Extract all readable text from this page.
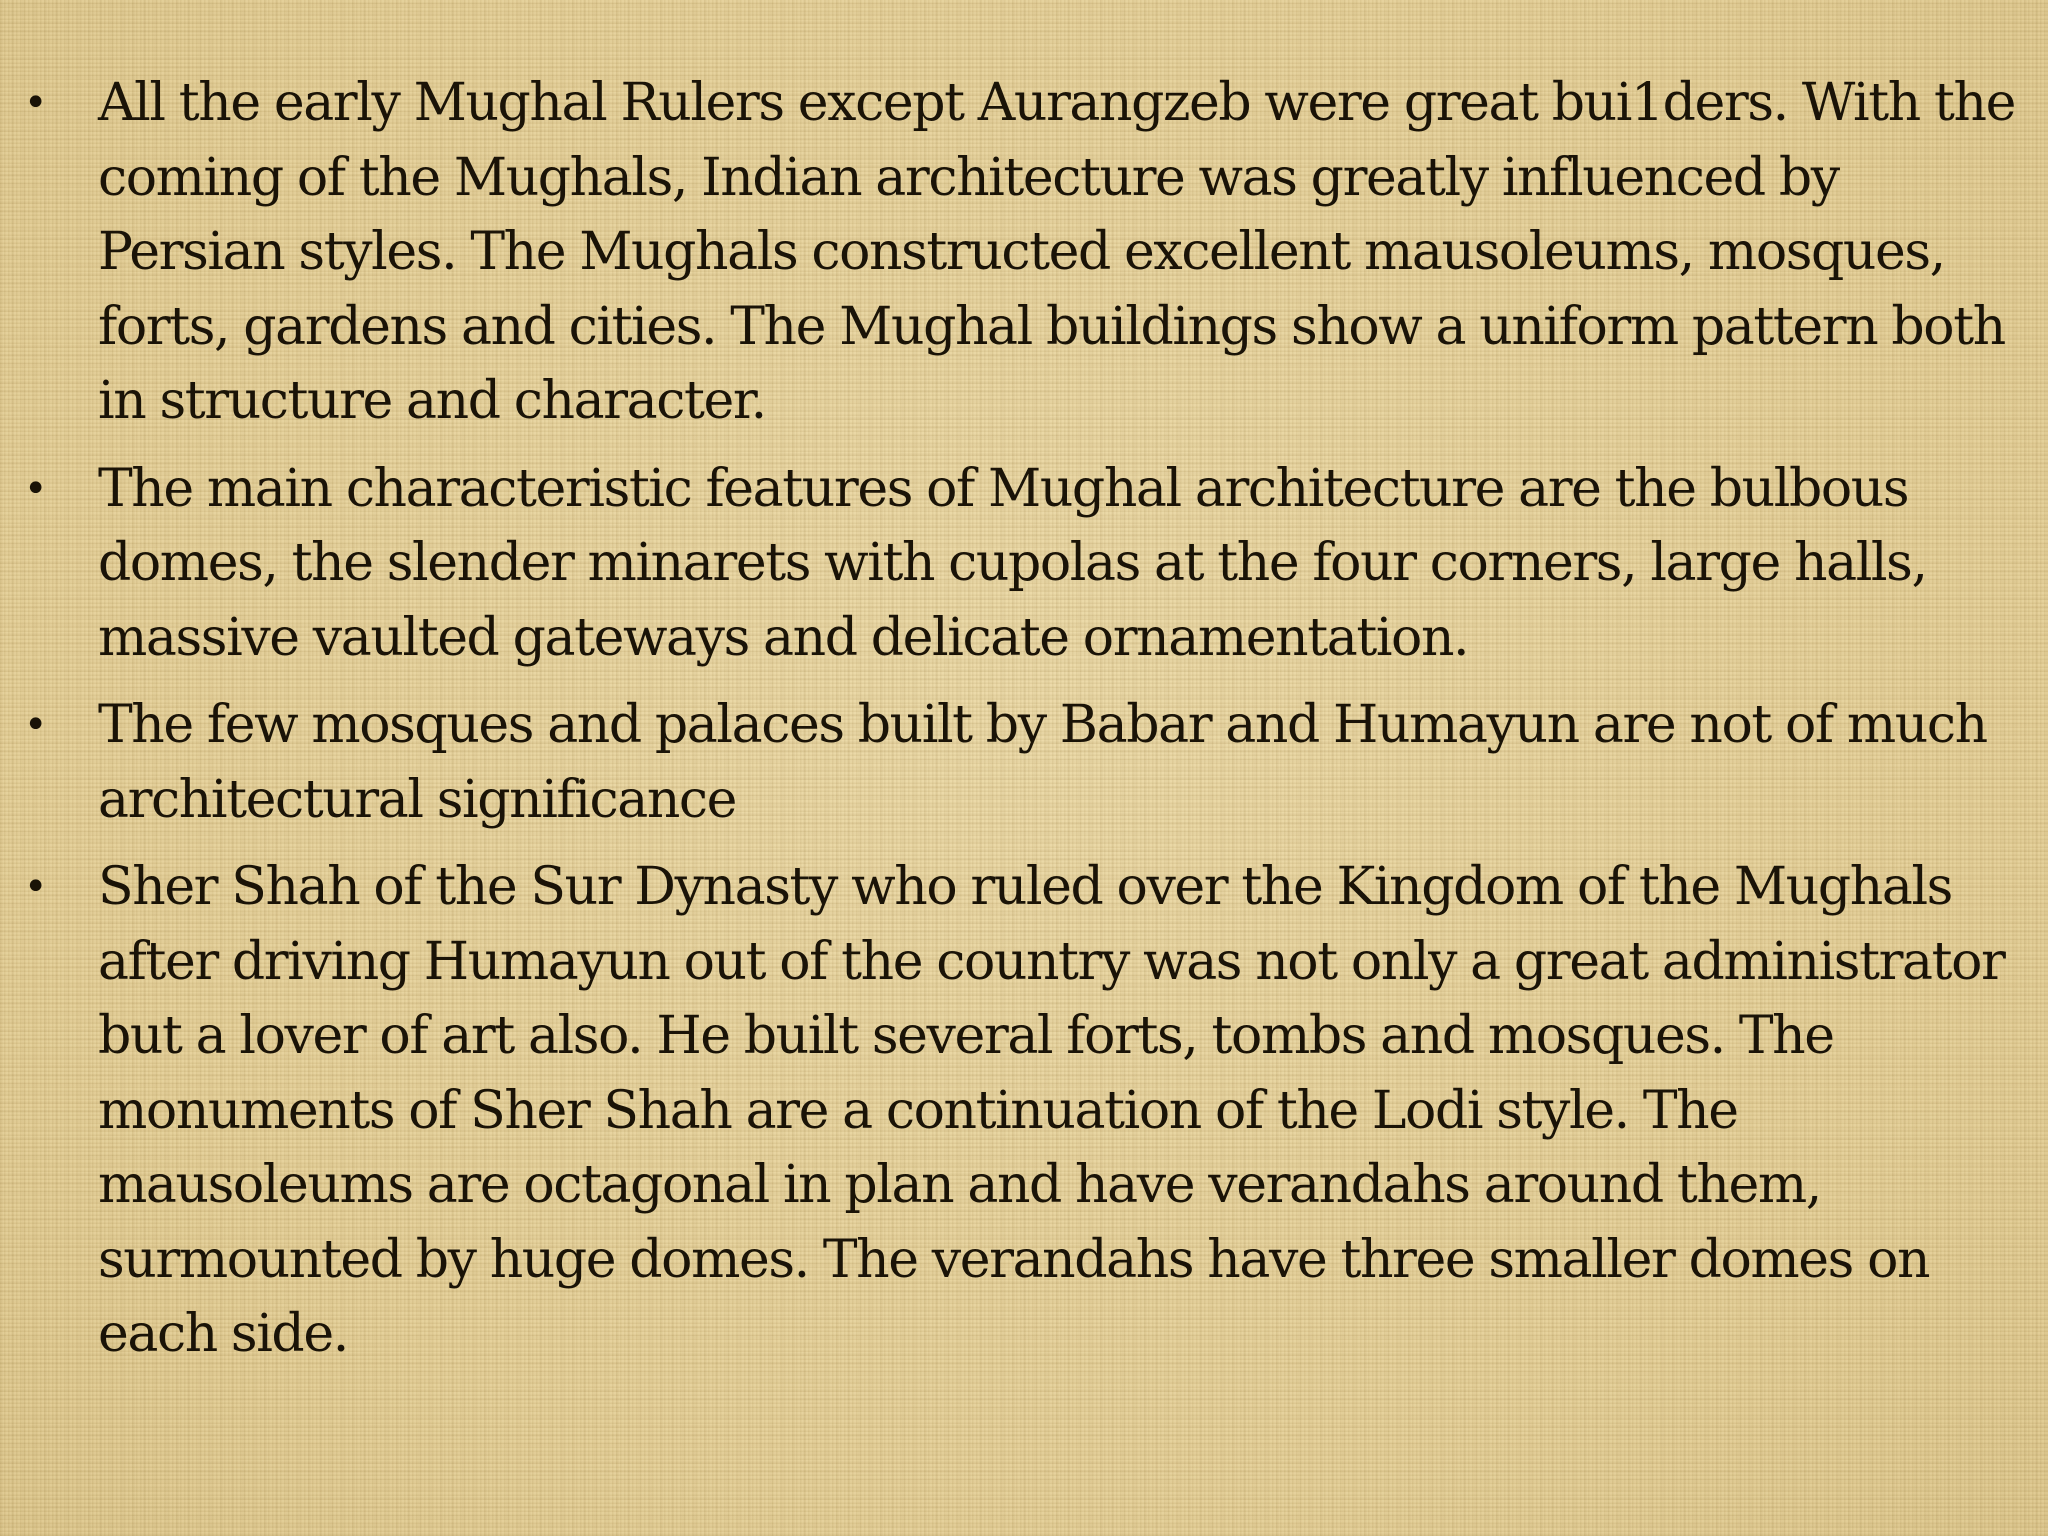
• All the early Mughal Rulers except Aurangzeb were great bui1ders. With the coming of the Mughals, Indian architecture was greatly influenced by Persian styles. The Mughals constructed excellent mausoleums, mosques, forts, gardens and cities. The Mughal buildings show a uniform pattern both in structure and character.
• The main characteristic features of Mughal architecture are the bulbous domes, the slender minarets with cupolas at the four corners, large halls, massive vaulted gateways and delicate ornamentation.
• The few mosques and palaces built by Babar and Humayun are not of much architectural significance
• Sher Shah of the Sur Dynasty who ruled over the Kingdom of the Mughals after driving Humayun out of the country was not only a great administrator but a lover of art also. He built several forts, tombs and mosques. The monuments of Sher Shah are a continuation of the Lodi style. The mausoleums are octagonal in plan and have verandahs around them, surmounted by huge domes. The verandahs have three smaller domes on each side.
